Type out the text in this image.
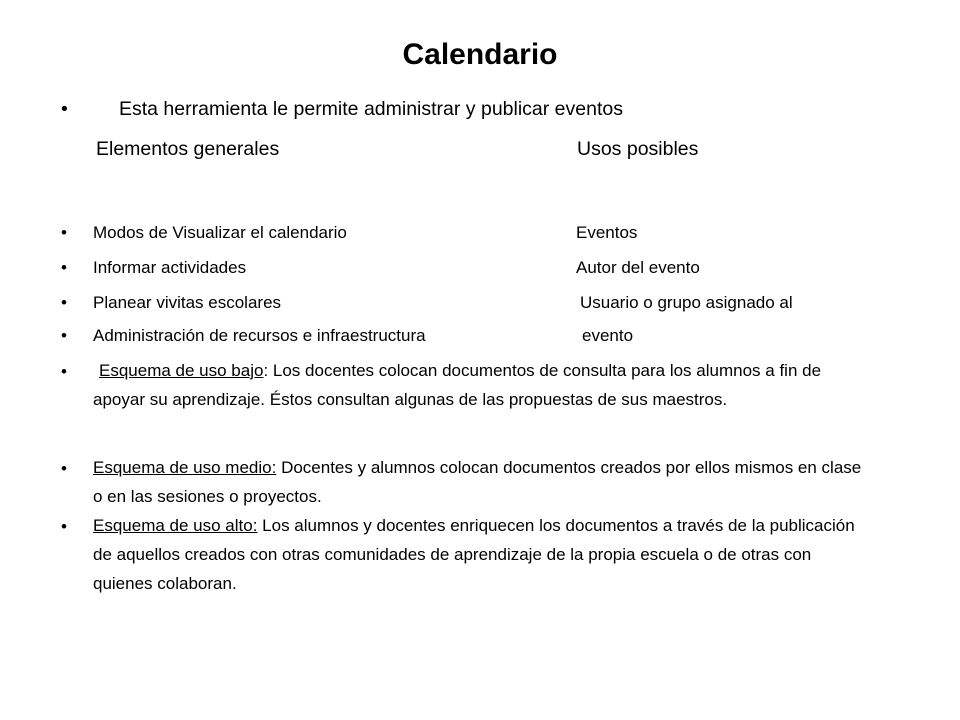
Calendario
•	Esta herramienta le permite administrar y publicar eventos
Elementos generales	Usos posibles
• Modos de Visualizar el calendario	Eventos
• Informar actividades	Autor del evento
• Planear vivitas escolares	Usuario o grupo asignado al
• Administración de recursos e infraestructura	evento
•	Esquema de uso bajo: Los docentes colocan documentos de consulta para los alumnos a fin de apoyar su aprendizaje. Éstos consultan algunas de las propuestas de sus maestros.
• Esquema de uso medio: Docentes y alumnos colocan documentos creados por ellos mismos en clase o en las sesiones o proyectos.
• Esquema de uso alto: Los alumnos y docentes enriquecen los documentos a través de la publicación de aquellos creados con otras comunidades de aprendizaje de la propia escuela o de otras con quienes colaboran.
